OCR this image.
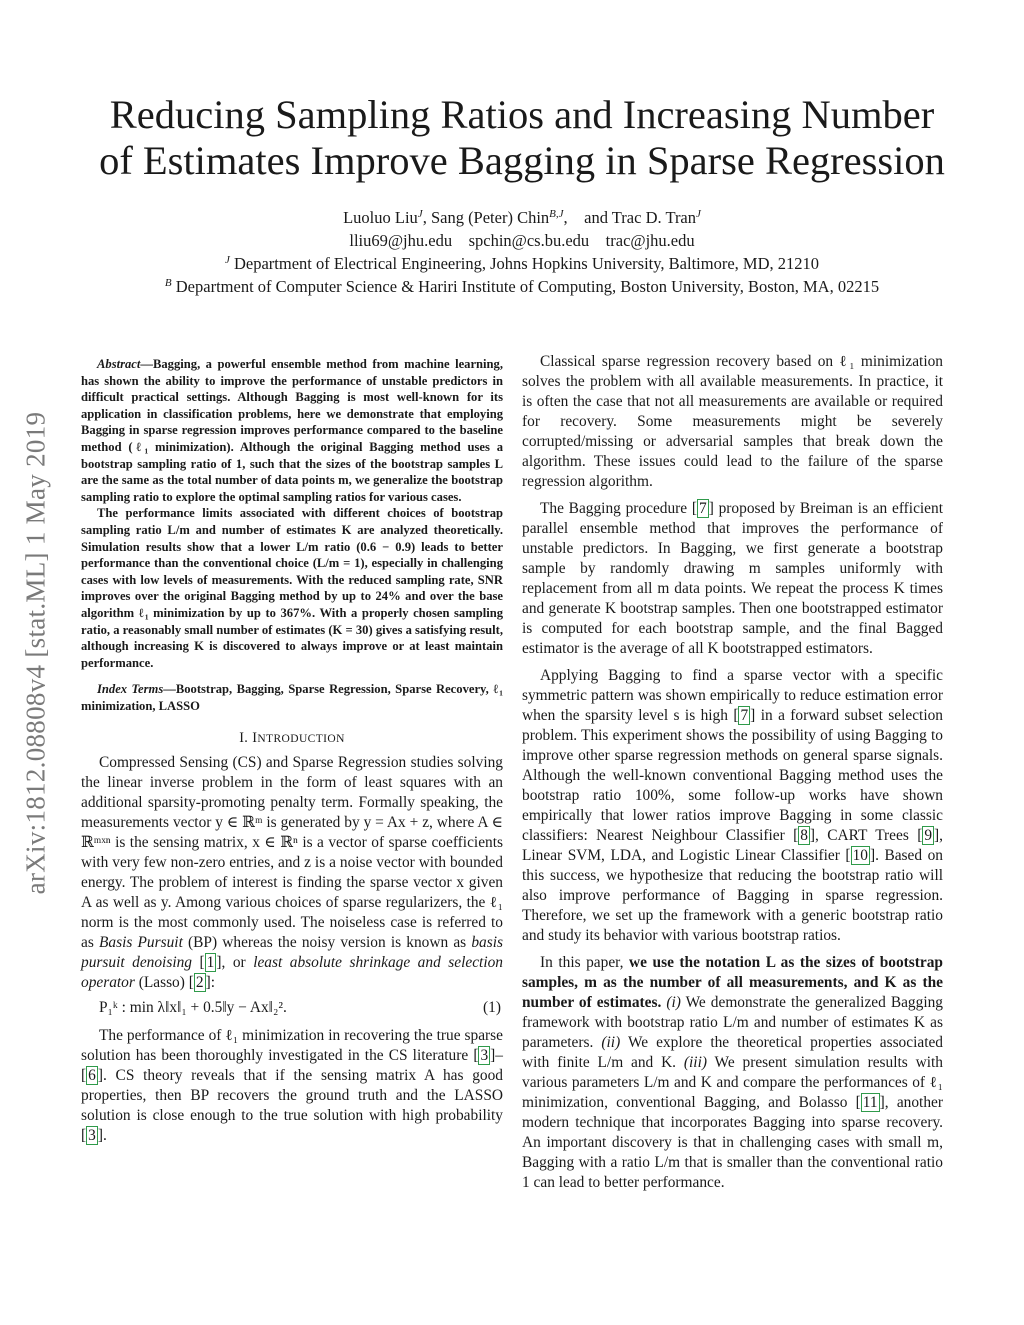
arXiv:1812.08808v4 [stat.ML] 1 May 2019
Reducing Sampling Ratios and Increasing Number
of Estimates Improve Bagging in Sparse Regression
Luoluo Liu$^J$, Sang (Peter) Chin$^{B,J}$,    and Trac D. Tran$^J$
lliu69@jhu.edu    spchin@cs.bu.edu    trac@jhu.edu
$^J$ Department of Electrical Engineering, Johns Hopkins University, Baltimore, MD, 21210
$^B$ Department of Computer Science & Hariri Institute of Computing, Boston University, Boston, MA, 02215

Abstract—Bagging, a powerful ensemble method from machine learning, has shown the ability to improve the performance of unstable predictors in difficult practical settings. Although Bagging is most well-known for its application in classification problems, here we demonstrate that employing Bagging in sparse regression improves performance compared to the baseline method (ℓ₁ minimization). Although the original Bagging method uses a bootstrap sampling ratio of 1, such that the sizes of the bootstrap samples L are the same as the total number of data points m, we generalize the bootstrap sampling ratio to explore the optimal sampling ratios for various cases.

The performance limits associated with different choices of bootstrap sampling ratio L/m and number of estimates K are analyzed theoretically. Simulation results show that a lower L/m ratio (0.6 − 0.9) leads to better performance than the conventional choice (L/m = 1), especially in challenging cases with low levels of measurements. With the reduced sampling rate, SNR improves over the original Bagging method by up to 24% and over the base algorithm ℓ₁ minimization by up to 367%. With a properly chosen sampling ratio, a reasonably small number of estimates (K = 30) gives a satisfying result, although increasing K is discovered to always improve or at least maintain performance.

Index Terms—Bootstrap, Bagging, Sparse Regression, Sparse Recovery, ℓ₁ minimization, LASSO
I. INTRODUCTION

Compressed Sensing (CS) and Sparse Regression studies solving the linear inverse problem in the form of least squares with an additional sparsity-promoting penalty term. Formally speaking, the measurements vector y ∈ ℝᵐ is generated by y = Ax + z, where A ∈ ℝᵐˣⁿ is the sensing matrix, x ∈ ℝⁿ is a vector of sparse coefficients with very few non-zero entries, and z is a noise vector with bounded energy. The problem of interest is finding the sparse vector x given A as well as y. Among various choices of sparse regularizers, the ℓ₁ norm is the most commonly used. The noiseless case is referred to as Basis Pursuit (BP) whereas the noisy version is known as basis pursuit denoising [ 1 ], or least absolute shrinkage and selection operator (Lasso) [ 2 ]:

P₁ᵏ : min λ‖x‖₁ + 0.5‖y − Ax‖₂².	(1)

The performance of ℓ₁ minimization in recovering the true sparse solution has been thoroughly investigated in the CS literature [ 3 ]–[ 6 ]. CS theory reveals that if the sensing matrix A has good properties, then BP recovers the ground truth and the LASSO solution is close enough to the true solution with high probability [ 3 ].

Classical sparse regression recovery based on ℓ₁ minimization solves the problem with all available measurements. In practice, it is often the case that not all measurements are available or required for recovery. Some measurements might be severely corrupted/missing or adversarial samples that break down the algorithm. These issues could lead to the failure of the sparse regression algorithm.

The Bagging procedure [ 7 ] proposed by Breiman is an efficient parallel ensemble method that improves the performance of unstable predictors. In Bagging, we first generate a bootstrap sample by randomly drawing m samples uniformly with replacement from all m data points. We repeat the process K times and generate K bootstrap samples. Then one bootstrapped estimator is computed for each bootstrap sample, and the final Bagged estimator is the average of all K bootstrapped estimators.

Applying Bagging to find a sparse vector with a specific symmetric pattern was shown empirically to reduce estimation error when the sparsity level s is high [ 7 ] in a forward subset selection problem. This experiment shows the possibility of using Bagging to improve other sparse regression methods on general sparse signals. Although the well-known conventional Bagging method uses the bootstrap ratio 100%, some follow-up works have shown empirically that lower ratios improve Bagging in some classic classifiers: Nearest Neighbour Classifier [ 8 ], CART Trees [ 9 ], Linear SVM, LDA, and Logistic Linear Classifier [ 10 ]. Based on this success, we hypothesize that reducing the bootstrap ratio will also improve performance of Bagging in sparse regression. Therefore, we set up the framework with a generic bootstrap ratio and study its behavior with various bootstrap ratios.

In this paper, we use the notation L as the sizes of bootstrap samples, m as the number of all measurements, and K as the number of estimates. (i) We demonstrate the generalized Bagging framework with bootstrap ratio L/m and number of estimates K as parameters. (ii) We explore the theoretical properties associated with finite L/m and K. (iii) We present simulation results with various parameters L/m and K and compare the performances of ℓ₁ minimization, conventional Bagging, and Bolasso [ 11 ], another modern technique that incorporates Bagging into sparse recovery. An important discovery is that in challenging cases with small m, Bagging with a ratio L/m that is smaller than the conventional ratio 1 can lead to better performance.
